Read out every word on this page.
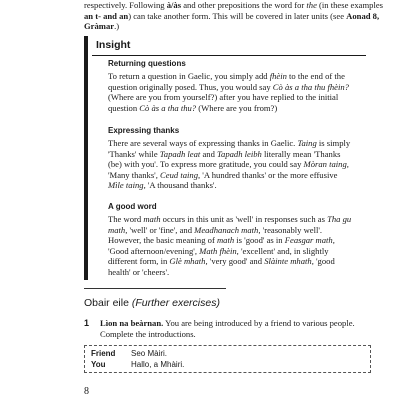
respectively. Following à/às and other prepositions the word for the (in these examples an t- and an) can take another form. This will be covered in later units (see Aonad 8, Gràmar.)

Insight

Returning questions

To return a question in Gaelic, you simply add fhèin to the end of the question originally posed. Thus, you would say Cò às a tha thu fhèin? (Where are you from yourself?) after you have replied to the initial question Cò às a tha thu? (Where are you from?)

Expressing thanks

There are several ways of expressing thanks in Gaelic. Taing is simply 'Thanks' while Tapadh leat and Tapadh leibh literally mean 'Thanks (be) with you'. To express more gratitude, you could say Mòran taing, 'Many thanks', Ceud taing, 'A hundred thanks' or the more effusive Mìle taing, 'A thousand thanks'.

A good word

The word math occurs in this unit as 'well' in responses such as Tha gu math, 'well' or 'fine', and Meadhanach math, 'reasonably well'. However, the basic meaning of math is 'good' as in Feasgar math, 'Good afternoon/evening', Math fhèin, 'excellent' and, in slightly different form, in Glè mhath, 'very good' and Slàinte mhath, 'good health' or 'cheers'.

Obair eile (Further exercises)
1	Lìon na beàrnan. You are being introduced by a friend to various people. Complete the introductions.
Friend	Seo Màiri.
You	Hallo, a Mhàiri.
8
